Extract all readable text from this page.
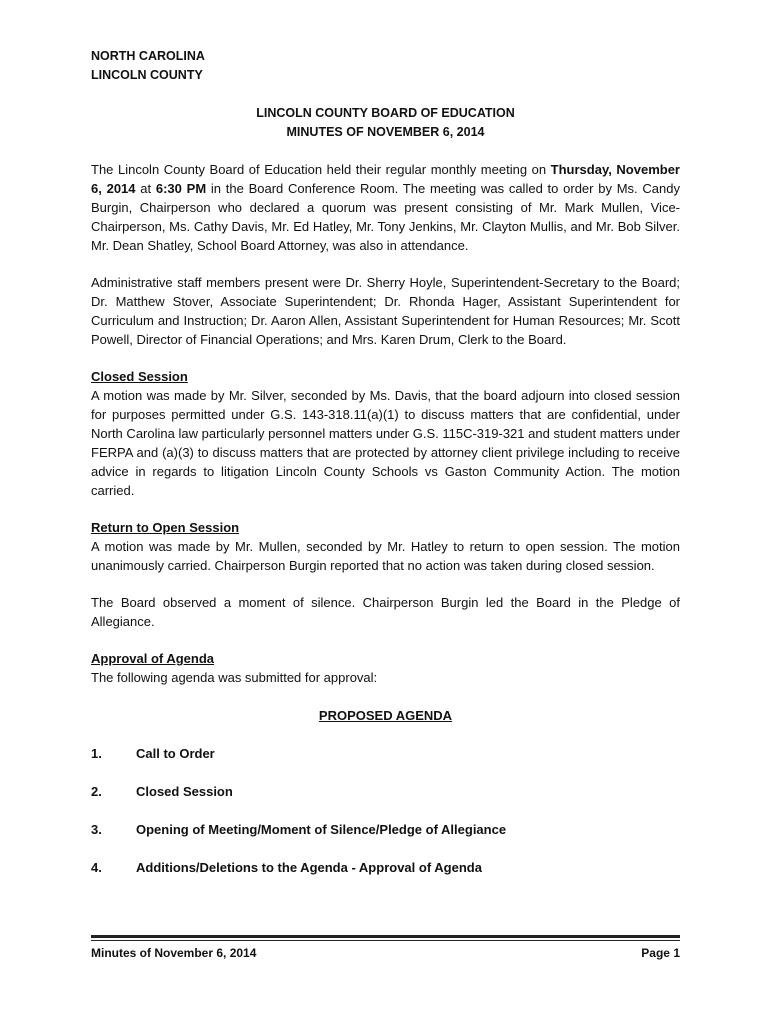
NORTH CAROLINA
LINCOLN COUNTY
LINCOLN COUNTY BOARD OF EDUCATION
MINUTES OF NOVEMBER 6, 2014

The Lincoln County Board of Education held their regular monthly meeting on Thursday, November 6, 2014 at 6:30 PM in the Board Conference Room. The meeting was called to order by Ms. Candy Burgin, Chairperson who declared a quorum was present consisting of Mr. Mark Mullen, Vice-Chairperson, Ms. Cathy Davis, Mr. Ed Hatley, Mr. Tony Jenkins, Mr. Clayton Mullis, and Mr. Bob Silver. Mr. Dean Shatley, School Board Attorney, was also in attendance.

Administrative staff members present were Dr. Sherry Hoyle, Superintendent-Secretary to the Board; Dr. Matthew Stover, Associate Superintendent; Dr. Rhonda Hager, Assistant Superintendent for Curriculum and Instruction; Dr. Aaron Allen, Assistant Superintendent for Human Resources; Mr. Scott Powell, Director of Financial Operations; and Mrs. Karen Drum, Clerk to the Board.

Closed Session

A motion was made by Mr. Silver, seconded by Ms. Davis, that the board adjourn into closed session for purposes permitted under G.S. 143-318.11(a)(1) to discuss matters that are confidential, under North Carolina law particularly personnel matters under G.S. 115C-319-321 and student matters under FERPA and (a)(3) to discuss matters that are protected by attorney client privilege including to receive advice in regards to litigation Lincoln County Schools vs Gaston Community Action. The motion carried.

Return to Open Session

A motion was made by Mr. Mullen, seconded by Mr. Hatley to return to open session. The motion unanimously carried. Chairperson Burgin reported that no action was taken during closed session.

The Board observed a moment of silence. Chairperson Burgin led the Board in the Pledge of Allegiance.

Approval of Agenda

The following agenda was submitted for approval:

PROPOSED AGENDA
1.	Call to Order
2.	Closed Session
3.	Opening of Meeting/Moment of Silence/Pledge of Allegiance
4.	Additions/Deletions to the Agenda - Approval of Agenda
Minutes of November 6, 2014	Page 1
